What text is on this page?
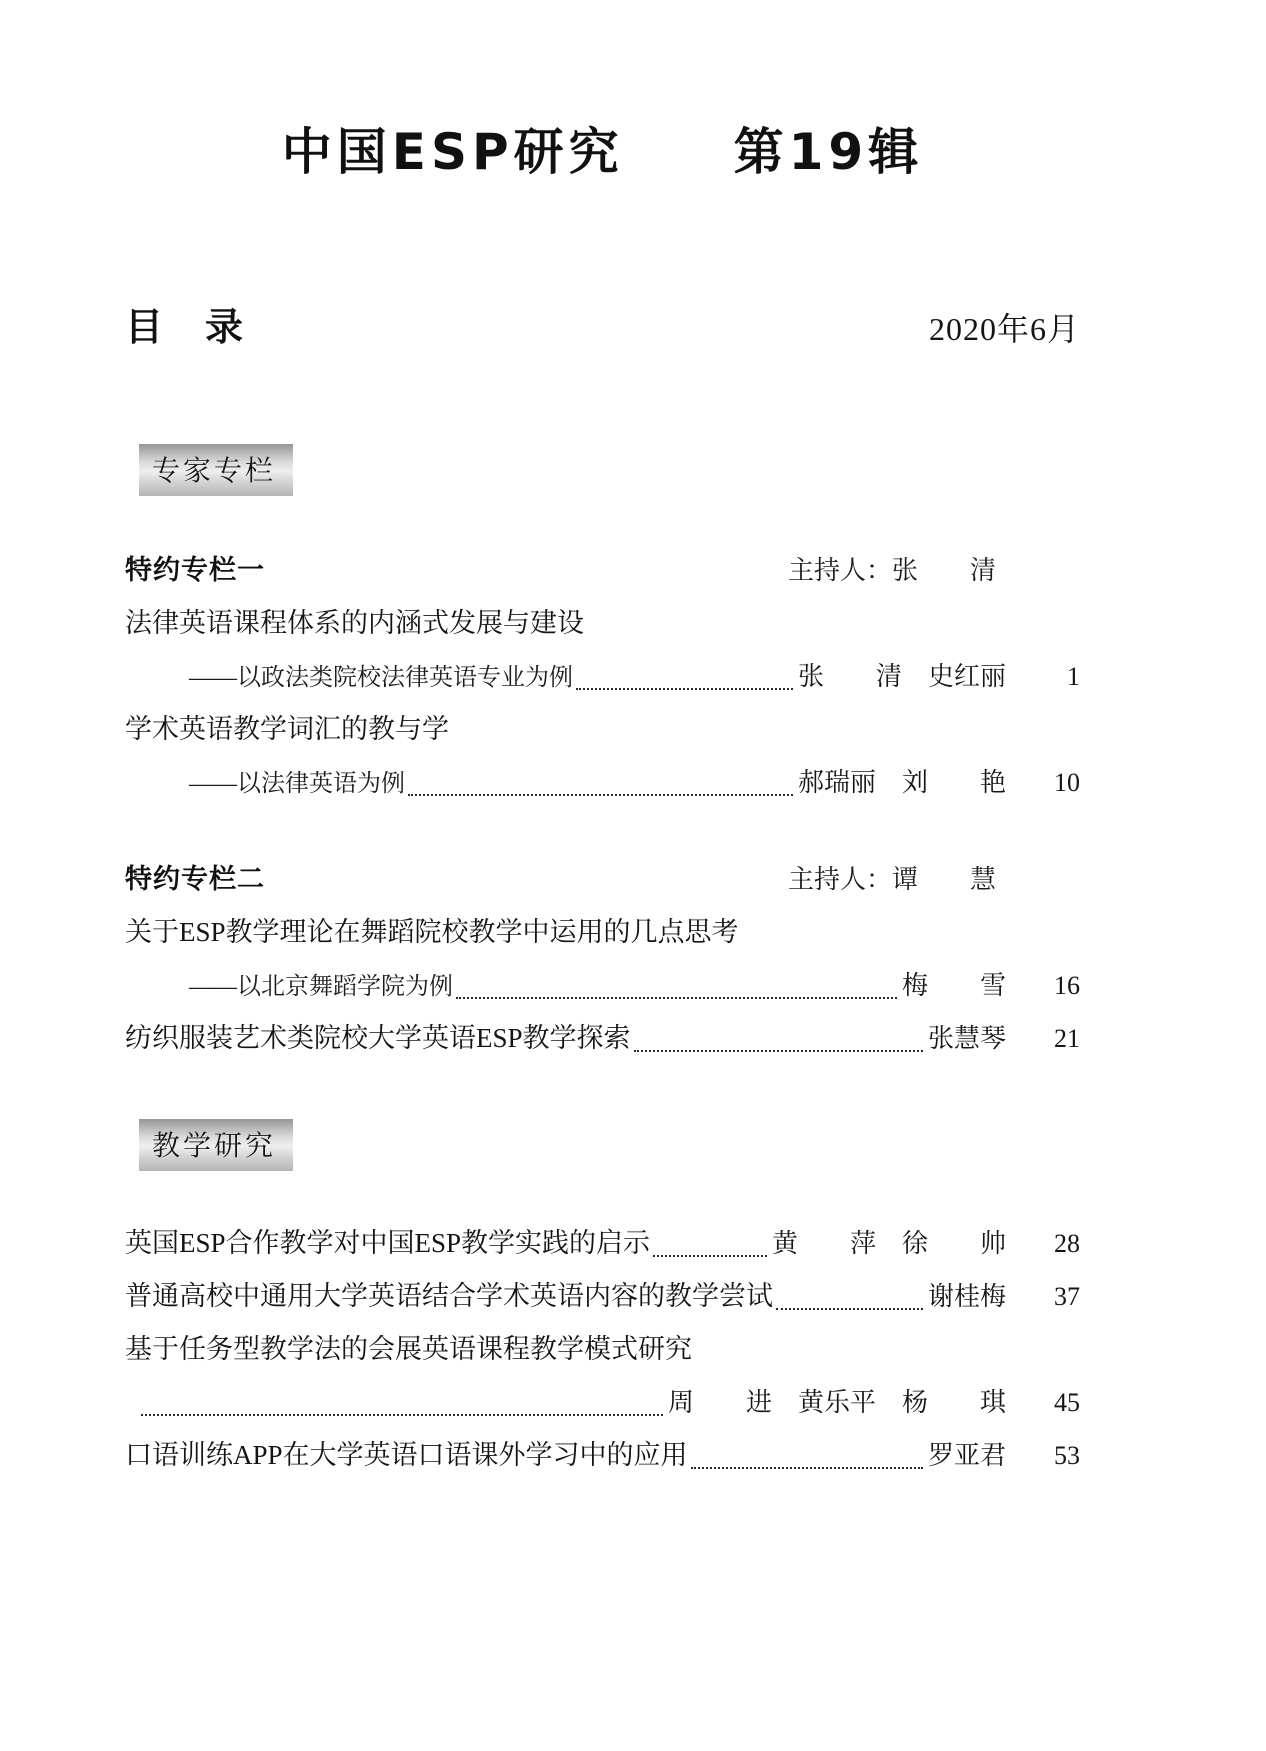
中国ESP研究　　第19辑
目　录	2020年6月
专家专栏
特约专栏一	主持人：张　　清
法律英语课程体系的内涵式发展与建设
——以政法类院校法律英语专业为例	张　　清　史红丽	1
学术英语教学词汇的教与学
——以法律英语为例	郝瑞丽　刘　　艳	10
特约专栏二	主持人：谭　　慧
关于ESP教学理论在舞蹈院校教学中运用的几点思考
——以北京舞蹈学院为例	梅　　雪	16
纺织服装艺术类院校大学英语ESP教学探索	张慧琴	21
教学研究
英国ESP合作教学对中国ESP教学实践的启示	黄　　萍　徐　　帅	28
普通高校中通用大学英语结合学术英语内容的教学尝试	谢桂梅	37
基于任务型教学法的会展英语课程教学模式研究
周　　进　黄乐平　杨　　琪	45
口语训练APP在大学英语口语课外学习中的应用	罗亚君	53
